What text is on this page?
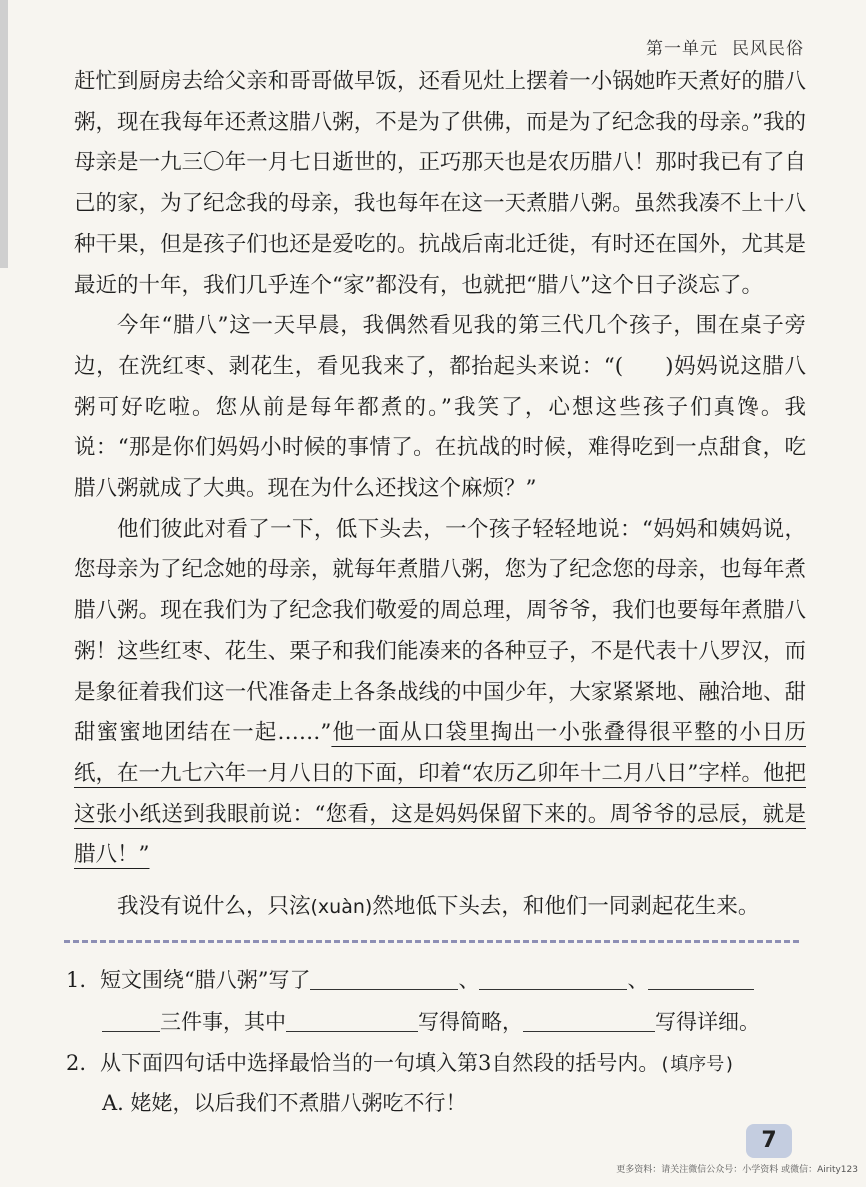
第一单元 民风民俗

赶忙到厨房去给父亲和哥哥做早饭，还看见灶上摆着一小锅她昨天煮好的腊八粥，现在我每年还煮这腊八粥，不是为了供佛，而是为了纪念我的母亲。”我的母亲是一九三〇年一月七日逝世的，正巧那天也是农历腊八！那时我已有了自己的家，为了纪念我的母亲，我也每年在这一天煮腊八粥。虽然我凑不上十八种干果，但是孩子们也还是爱吃的。抗战后南北迁徙，有时还在国外，尤其是最近的十年，我们几乎连个“家”都没有，也就把“腊八”这个日子淡忘了。

今年“腊八”这一天早晨，我偶然看见我的第三代几个孩子，围在桌子旁边，在洗红枣、剥花生，看见我来了，都抬起头来说：“( )妈妈说这腊八粥可好吃啦。您从前是每年都煮的。”我笑了，心想这些孩子们真馋。我说：“那是你们妈妈小时候的事情了。在抗战的时候，难得吃到一点甜食，吃腊八粥就成了大典。现在为什么还找这个麻烦？”

他们彼此对看了一下，低下头去，一个孩子轻轻地说：“妈妈和姨妈说，您母亲为了纪念她的母亲，就每年煮腊八粥，您为了纪念您的母亲，也每年煮腊八粥。现在我们为了纪念我们敬爱的周总理，周爷爷，我们也要每年煮腊八粥！这些红枣、花生、栗子和我们能凑来的各种豆子，不是代表十八罗汉，而是象征着我们这一代准备走上各条战线的中国少年，大家紧紧地、融洽地、甜甜蜜蜜地团结在一起……”他一面从口袋里掏出一小张叠得很平整的小日历纸，在一九七六年一月八日的下面，印着“农历乙卯年十二月八日”字样。他把这张小纸送到我眼前说：“您看，这是妈妈保留下来的。周爷爷的忌辰，就是腊八！”

我没有说什么，只泫(xuàn)然地低下头去，和他们一同剥起花生来。
1. 短文围绕“腊八粥”写了	、	、
三件事，其中	写得简略，	写得详细。
2. 从下面四句话中选择最恰当的一句填入第3自然段的括号内。(填序号)
A. 姥姥，以后我们不煮腊八粥吃不行！
7
更多资料：请关注微信公众号：小学资料 或微信：Airity123
